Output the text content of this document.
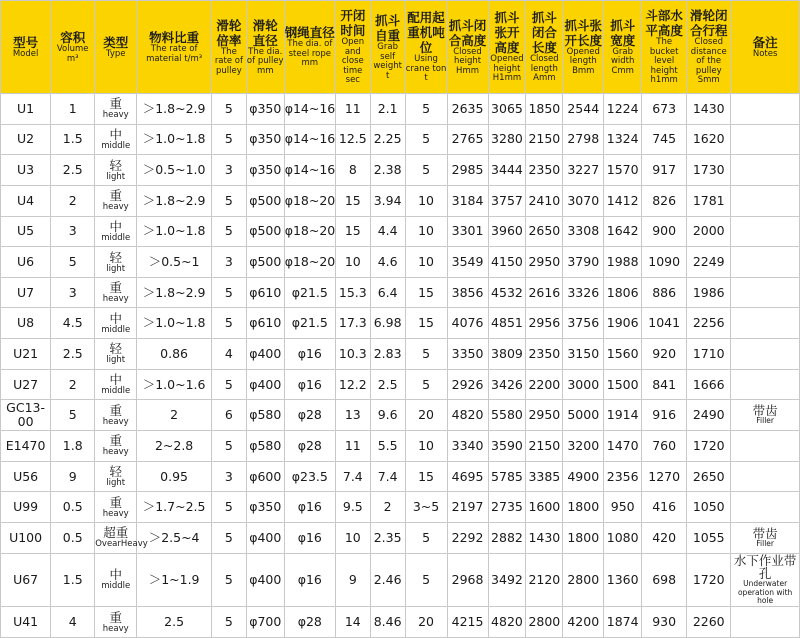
型号
Model	容积
Volume m³	类型
Type	物料比重
The rate of material t/m³	滑轮倍率
The rate of pulley	滑轮直径
The dia. of pulley mm	钢绳直径
The dia. of steel rope mm	开闭时间
Open and close time sec	抓斗自重
Grab self weight t	配用起重机吨位
Using crane ton t	抓斗闭合高度
Closed height Hmm	抓斗张开高度
Opened height H1mm	抓斗闭合长度
Closed length Amm	抓斗张开长度
Opened length Bmm	抓斗宽度
Grab width Cmm	斗部水平高度
The bucket level height h1mm	滑轮闭合行程
Closed distance of the pulley Smm	备注
Notes

U1	1	重
heavy	＞1.8~2.9	5	φ350	φ14~16	11	2.1	5	2635	3065	1850	2544	1224	673	1430	

U2	1.5	中
middle	＞1.0~1.8	5	φ350	φ14~16	12.5	2.25	5	2765	3280	2150	2798	1324	745	1620	

U3	2.5	轻
light	＞0.5~1.0	3	φ350	φ14~16	8	2.38	5	2985	3444	2350	3227	1570	917	1730	

U4	2	重
heavy	＞1.8~2.9	5	φ500	φ18~20	15	3.94	10	3184	3757	2410	3070	1412	826	1781	

U5	3	中
middle	＞1.0~1.8	5	φ500	φ18~20	15	4.4	10	3301	3960	2650	3308	1642	900	2000	

U6	5	轻
light	＞0.5~1	3	φ500	φ18~20	10	4.6	10	3549	4150	2950	3790	1988	1090	2249	

U7	3	重
heavy	＞1.8~2.9	5	φ610	φ21.5	15.3	6.4	15	3856	4532	2616	3326	1806	886	1986	

U8	4.5	中
middle	＞1.0~1.8	5	φ610	φ21.5	17.3	6.98	15	4076	4851	2956	3756	1906	1041	2256	

U21	2.5	轻
light	0.86	4	φ400	φ16	10.3	2.83	5	3350	3809	2350	3150	1560	920	1710	

U27	2	中
middle	＞1.0~1.6	5	φ400	φ16	12.2	2.5	5	2926	3426	2200	3000	1500	841	1666	

GC13-00	5	重
heavy	2	6	φ580	φ28	13	9.6	20	4820	5580	2950	5000	1914	916	2490	带齿
Filler

E1470	1.8	重
heavy	2~2.8	5	φ580	φ28	11	5.5	10	3340	3590	2150	3200	1470	760	1720	

U56	9	轻
light	0.95	3	φ600	φ23.5	7.4	7.4	15	4695	5785	3385	4900	2356	1270	2650	

U99	0.5	重
heavy	＞1.7~2.5	5	φ350	φ16	9.5	2	3~5	2197	2735	1600	1800	950	416	1050	

U100	0.5	超重
OvearHeavy	＞2.5~4	5	φ400	φ16	10	2.35	5	2292	2882	1430	1800	1080	420	1055	带齿
Filler

U67	1.5	中
middle	＞1~1.9	5	φ400	φ16	9	2.46	5	2968	3492	2120	2800	1360	698	1720	水下作业带孔
Underwater operation with hole

U41	4	重
heavy	2.5	5	φ700	φ28	14	8.46	20	4215	4820	2800	4200	1874	930	2260	
